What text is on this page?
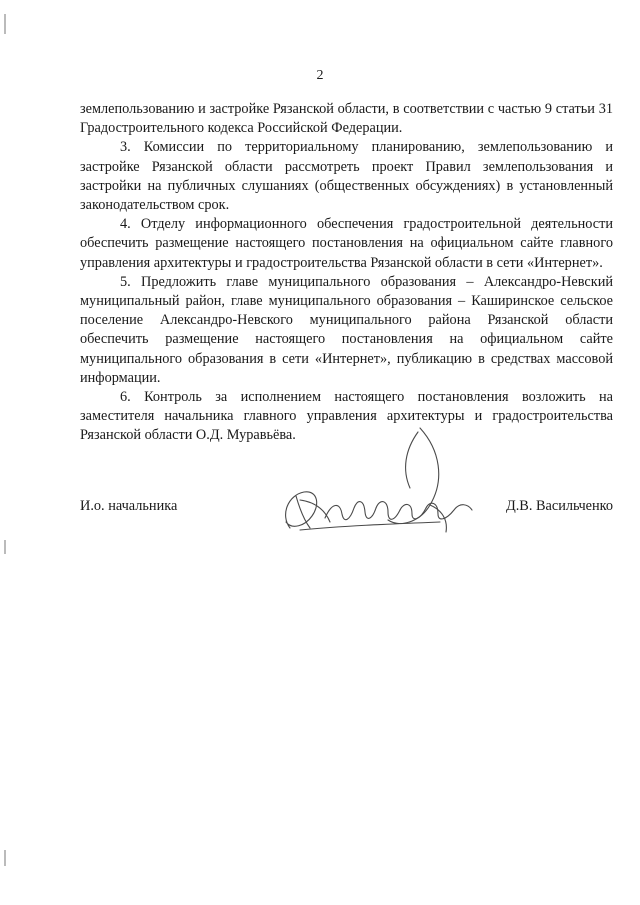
2

землепользованию и застройке Рязанской области, в соответствии с частью 9 статьи 31 Градостроительного кодекса Российской Федерации.

3. Комиссии по территориальному планированию, землепользованию и застройке Рязанской области рассмотреть проект Правил землепользования и застройки на публичных слушаниях (общественных обсуждениях) в установленный законодательством срок.

4. Отделу информационного обеспечения градостроительной деятельности обеспечить размещение настоящего постановления на официальном сайте главного управления архитектуры и градостроительства Рязанской области в сети «Интернет».

5. Предложить главе муниципального образования – Александро-Невский муниципальный район, главе муниципального образования – Каширинское сельское поселение Александро-Невского муниципального района Рязанской области обеспечить размещение настоящего постановления на официальном сайте муниципального образования в сети «Интернет», публикацию в средствах массовой информации.

6. Контроль за исполнением настоящего постановления возложить на заместителя начальника главного управления архитектуры и градостроительства Рязанской области О.Д. Муравьёва.

И.о. начальника	Д.В. Васильченко
